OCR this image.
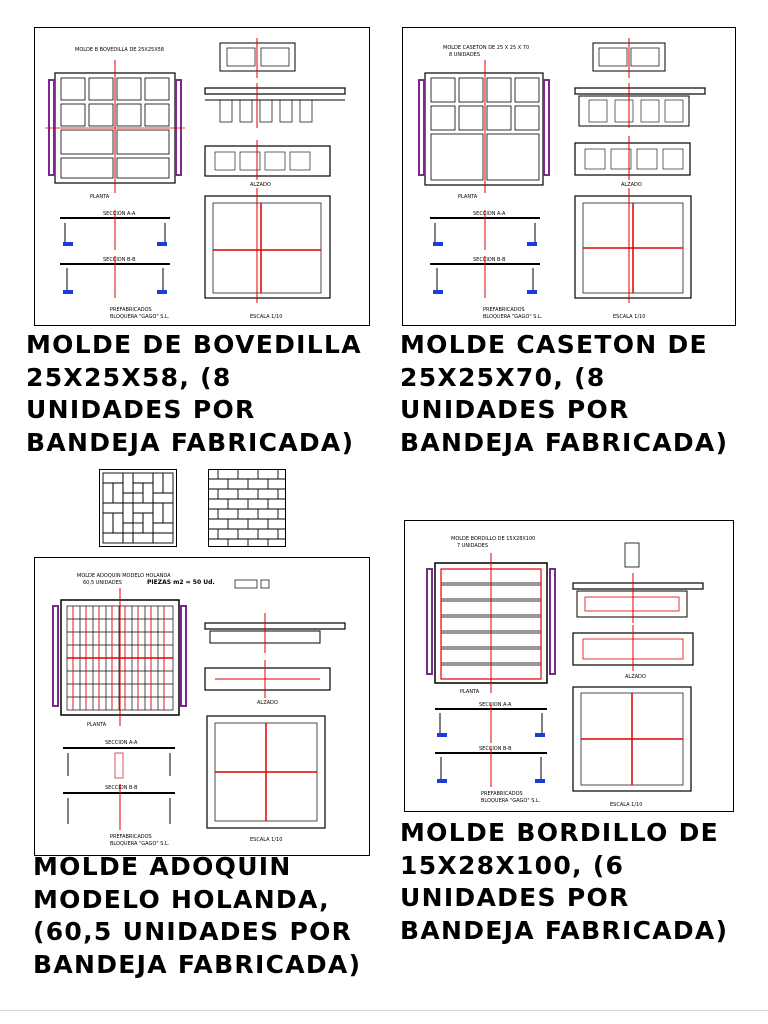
MOLDE B BOVEDILLA DE 25X25X58
PLANTA
SECCION A-A
SECCION B-B
ALZADO
PREFABRICADOS
BLOQUERA "GAGO" S.L.	ESCALA 1/10
MOLDE CASETON DE 25 X 25 X 70
8 UNIDADES
PLANTA
SECCION A-A
SECCION B-B
ALZADO
PREFABRICADOS
BLOQUERA "GAGO" S.L.	ESCALA 1/10
MOLDE DE BOVEDILLA
25X25X58, (8
UNIDADES POR
BANDEJA FABRICADA)
MOLDE CASETON DE
25X25X70, (8
UNIDADES POR
BANDEJA FABRICADA)
MOLDE ADOQUIN MODELO HOLANDA
60,5 UNIDADES	PIEZAS m2 = 50 Ud.
PLANTA
SECCION A-A
SECCION B-B
ALZADO
PREFABRICADOS
BLOQUERA "GAGO" S.L.
ESCALA 1/10
MOLDE BORDILLO DE 15X28X100
7 UNIDADES
PLANTA
SECCION A-A
SECCION B-B
ALZADO
PREFABRICADOS
BLOQUERA "GAGO" S.L.
ESCALA 1/10
MOLDE BORDILLO DE
15X28X100, (6
UNIDADES POR
BANDEJA FABRICADA)
MOLDE ADOQUIN
MODELO HOLANDA,
(60,5 UNIDADES POR
BANDEJA FABRICADA)
